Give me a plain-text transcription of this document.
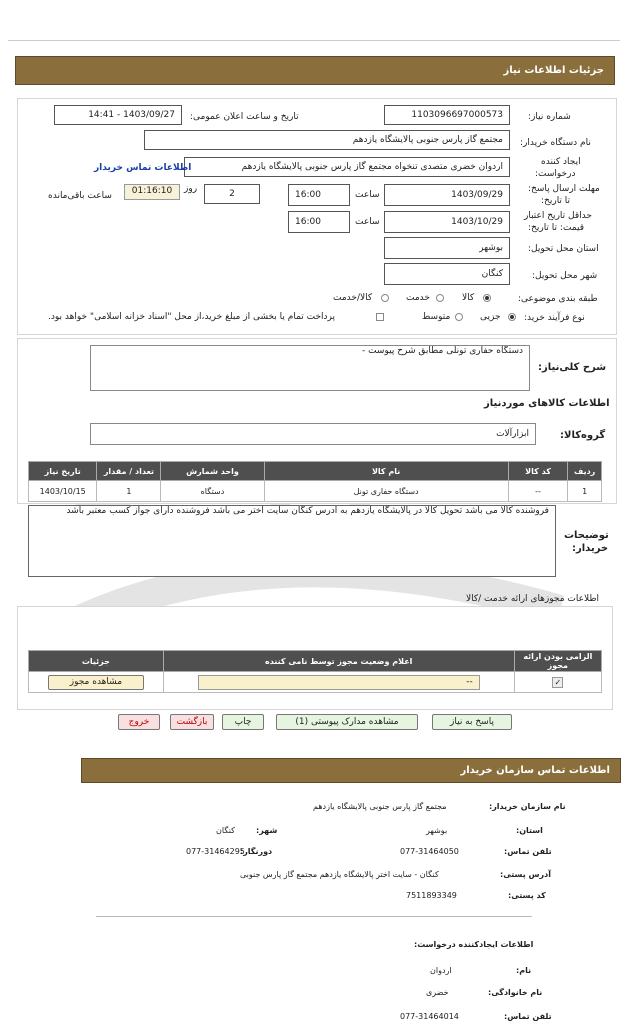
جزئیات اطلاعات نیاز
شماره نیاز:
1103096697000573
تاریخ و ساعت اعلان عمومی:
1403/09/27 - 14:41
نام دستگاه خریدار:
مجتمع گاز پارس جنوبی پالایشگاه یازدهم
ایجاد کننده
درخواست:
اردوان خضری متصدی تنخواه مجتمع گاز پارس جنوبی پالایشگاه یازدهم
اطلاعات تماس خریدار
مهلت ارسال پاسخ:
تا تاریخ:
1403/09/29
ساعت
16:00
2
روز
01:16:10
ساعت باقی‌مانده
حداقل تاریخ اعتبار
قیمت: تا تاریخ:
1403/10/29
ساعت
16:00
استان محل تحویل:
بوشهر
شهر محل تحویل:
کنگان
طبقه بندی موضوعی:
کالا
خدمت
کالا/خدمت
نوع فرآیند خرید:
جزیی
متوسط
پرداخت تمام یا بخشی از مبلغ خرید،از محل "اسناد خزانه اسلامی" خواهد بود.
دستگاه حفاری تونلی مطابق شرح پیوست -
شرح کلی‌نیاز:
اطلاعات کالاهای موردنیاز
گروه‌کالا:
ابزارآلات
ردیف	کد کالا	نام کالا	واحد شمارش	تعداد / مقدار	تاریخ نیاز
1	--	دستگاه حفاری تونل	دستگاه	1	1403/10/15
فروشنده کالا می باشد تحویل کالا در پالایشگاه یازدهم به آدرس کنگان سایت اختر می باشد فروشنده دارای جواز کسب معتبر باشد
توضیحات
خریدار:
اطلاعات مجوزهای ارائه خدمت /کالا
الزامی بودن ارائه مجوز	اعلام وضعیت مجوز توسط نامی کننده	جزئیات
✓	--	مشاهده مجوز
پاسخ به نیاز
مشاهده مدارک پیوستی (1)
چاپ
بازگشت
خروج
اطلاعات تماس سازمان خریدار
نام سازمان خریدار:
مجتمع گاز پارس جنوبی پالایشگاه یازدهم
استان:
بوشهر
شهر:
کنگان
تلفن تماس:
077-31464050
دورنگار:
077-31464295
آدرس پستی:
کنگان - سایت اختر پالایشگاه یازدهم مجتمع گاز پارس جنوبی
کد پستی:
7511893349
اطلاعات ایجادکننده درخواست:
نام:
اردوان
نام خانوادگی:
خضری
تلفن تماس:
077-31464014
